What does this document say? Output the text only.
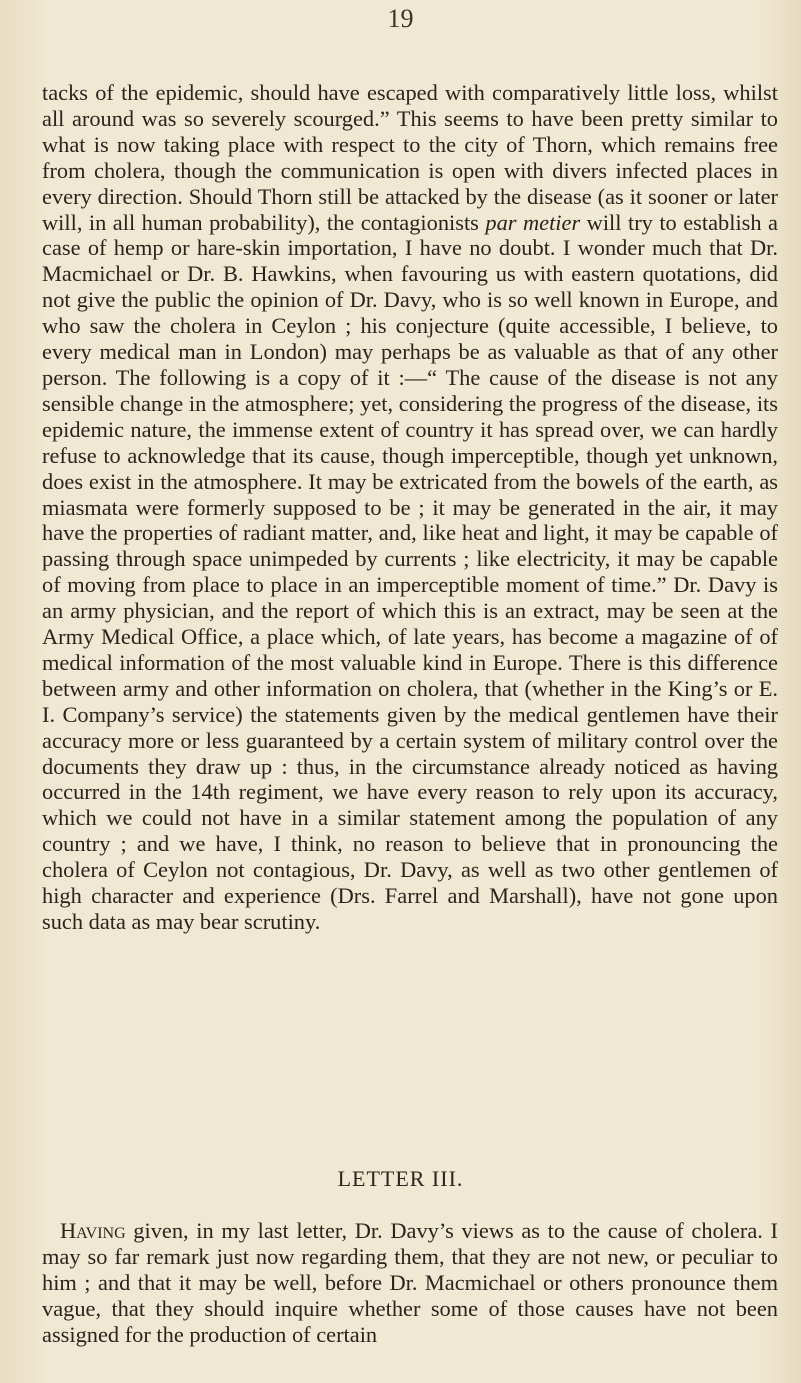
19

tacks of the epidemic, should have escaped with comparatively little loss, whilst all around was so severely scourged.” This seems to have been pretty similar to what is now taking place with respect to the city of Thorn, which remains free from cholera, though the communication is open with divers infected places in every direction. Should Thorn still be attacked by the disease (as it sooner or later will, in all human probability), the contagionists par metier will try to establish a case of hemp or hare-skin importation, I have no doubt. I wonder much that Dr. Macmichael or Dr. B. Hawkins, when favouring us with eastern quotations, did not give the public the opinion of Dr. Davy, who is so well known in Europe, and who saw the cholera in Ceylon ; his conjecture (quite accessible, I believe, to every medical man in London) may perhaps be as valuable as that of any other person. The following is a copy of it :—“ The cause of the disease is not any sensible change in the atmosphere; yet, considering the progress of the disease, its epidemic nature, the immense extent of country it has spread over, we can hardly refuse to acknowledge that its cause, though imperceptible, though yet unknown, does exist in the atmosphere. It may be extricated from the bowels of the earth, as miasmata were formerly supposed to be ; it may be generated in the air, it may have the properties of radiant matter, and, like heat and light, it may be capable of passing through space unimpeded by currents ; like electricity, it may be capable of moving from place to place in an imperceptible moment of time.” Dr. Davy is an army physician, and the report of which this is an extract, may be seen at the Army Medical Office, a place which, of late years, has become a magazine of of medical information of the most valuable kind in Europe. There is this difference between army and other information on cholera, that (whether in the King’s or E. I. Company’s service) the statements given by the medical gentlemen have their accuracy more or less guaranteed by a certain system of military control over the documents they draw up : thus, in the circumstance already noticed as having occurred in the 14th regiment, we have every reason to rely upon its accuracy, which we could not have in a similar statement among the population of any country ; and we have, I think, no reason to believe that in pronouncing the cholera of Ceylon not contagious, Dr. Davy, as well as two other gentlemen of high character and experience (Drs. Farrel and Marshall), have not gone upon such data as may bear scrutiny.

LETTER III.

Having given, in my last letter, Dr. Davy’s views as to the cause of cholera. I may so far remark just now regarding them, that they are not new, or peculiar to him ; and that it may be well, before Dr. Macmichael or others pronounce them vague, that they should inquire whether some of those causes have not been assigned for the production of certain
